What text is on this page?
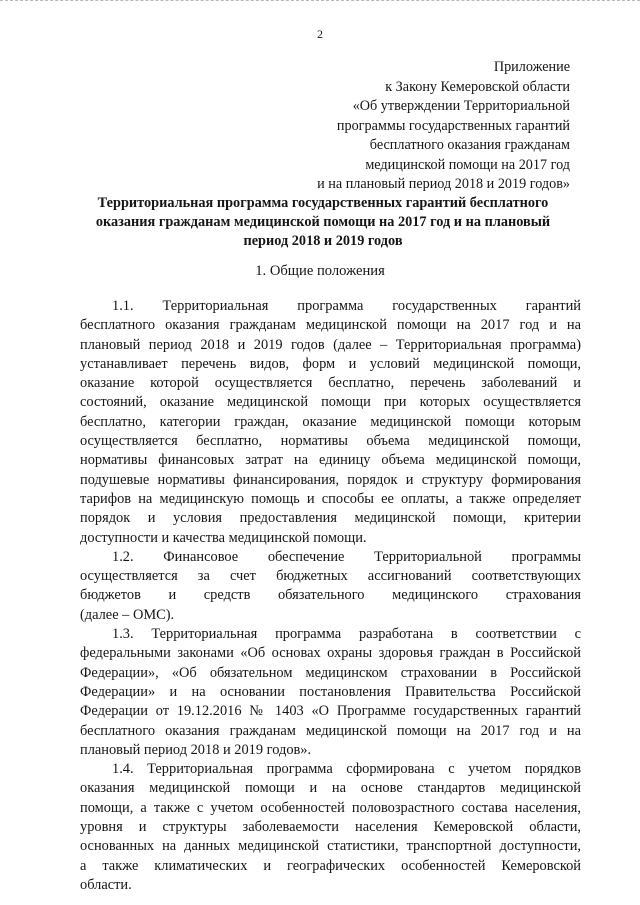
2
Приложение
к Закону Кемеровской области
«Об утверждении Территориальной
программы государственных гарантий
бесплатного оказания гражданам
медицинской помощи на 2017 год
и на плановый период 2018 и 2019 годов»
Территориальная программа государственных гарантий бесплатного
оказания гражданам медицинской помощи на 2017 год и на плановый
период 2018 и 2019 годов
1. Общие положения
1.1. Территориальная программа государственных гарантий
бесплатного оказания гражданам медицинской помощи на 2017 год и на
плановый период 2018 и 2019 годов (далее – Территориальная программа)
устанавливает перечень видов, форм и условий медицинской помощи,
оказание которой осуществляется бесплатно, перечень заболеваний и
состояний, оказание медицинской помощи при которых осуществляется
бесплатно, категории граждан, оказание медицинской помощи которым
осуществляется бесплатно, нормативы объема медицинской помощи,
нормативы финансовых затрат на единицу объема медицинской помощи,
подушевые нормативы финансирования, порядок и структуру формирования
тарифов на медицинскую помощь и способы ее оплаты, а также определяет
порядок и условия предоставления медицинской помощи, критерии
доступности и качества медицинской помощи.
1.2. Финансовое обеспечение Территориальной программы
осуществляется за счет бюджетных ассигнований соответствующих
бюджетов и средств обязательного медицинского страхования
(далее – ОМС).
1.3. Территориальная программа разработана в соответствии с
федеральными законами «Об основах охраны здоровья граждан в Российской
Федерации», «Об обязательном медицинском страховании в Российской
Федерации» и на основании постановления Правительства Российской
Федерации от 19.12.2016 № 1403 «О Программе государственных гарантий
бесплатного оказания гражданам медицинской помощи на 2017 год и на
плановый период 2018 и 2019 годов».
1.4. Территориальная программа сформирована с учетом порядков
оказания медицинской помощи и на основе стандартов медицинской
помощи, а также с учетом особенностей половозрастного состава населения,
уровня и структуры заболеваемости населения Кемеровской области,
основанных на данных медицинской статистики, транспортной доступности,
а также климатических и географических особенностей Кемеровской
области.
